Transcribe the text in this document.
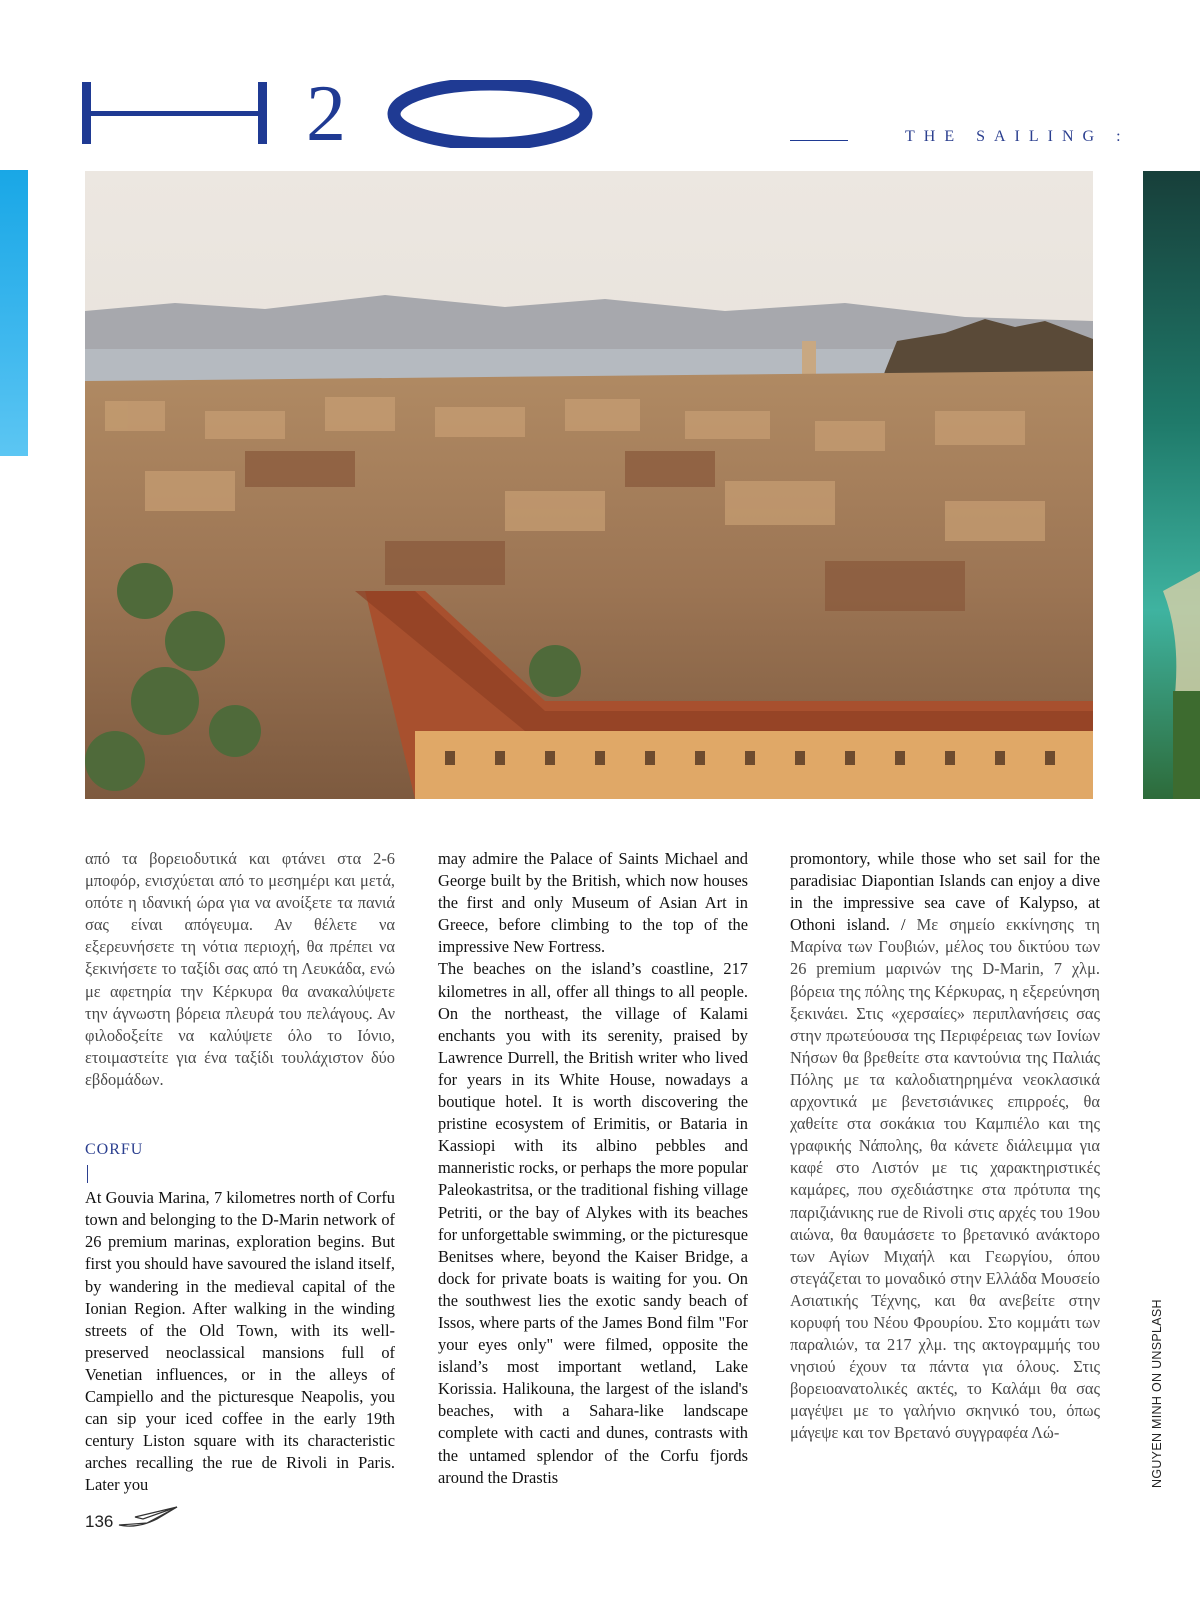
2	THE SAILING :

από τα βορειοδυτικά και φτάνει στα 2-6 μποφόρ, ενισχύεται από το μεσημέρι και μετά, οπότε η ιδανική ώρα για να ανοίξετε τα πανιά σας είναι απόγευμα. Αν θέλετε να εξερευνήσετε τη νότια περιοχή, θα πρέπει να ξεκινήσετε το ταξίδι σας από τη Λευκάδα, ενώ με αφετηρία την Κέρκυρα θα ανακαλύψετε την άγνωστη βόρεια πλευρά του πελάγους. Αν φιλοδοξείτε να καλύψετε όλο το Ιόνιο, ετοιμαστείτε για ένα ταξίδι τουλάχιστον δύο εβδομάδων.

CORFU

At Gouvia Marina, 7 kilometres north of Corfu town and belonging to the D-Marin network of 26 premium marinas, exploration begins. But first you should have savoured the island itself, by wandering in the medieval capital of the Ionian Region. After walking in the winding streets of the Old Town, with its well-preserved neoclassical mansions full of Venetian influences, or in the alleys of Campiello and the picturesque Neapolis, you can sip your iced coffee in the early 19th century Liston square with its characteristic arches recalling the rue de Rivoli in Paris. Later you

may admire the Palace of Saints Michael and George built by the British, which now houses the first and only Museum of Asian Art in Greece, before climbing to the top of the impressive New Fortress.

The beaches on the island’s coastline, 217 kilometres in all, offer all things to all people. On the northeast, the village of Kalami enchants you with its serenity, praised by Lawrence Durrell, the British writer who lived for years in its White House, nowadays a boutique hotel. It is worth discovering the pristine ecosystem of Erimitis, or Bataria in Kassiopi with its albino pebbles and manneristic rocks, or perhaps the more popular Paleokastritsa, or the traditional fishing village Petriti, or the bay of Alykes with its beaches for unforgettable swimming, or the picturesque Benitses where, beyond the Kaiser Bridge, a dock for private boats is waiting for you. On the southwest lies the exotic sandy beach of Issos, where parts of the James Bond film "For your eyes only" were filmed, opposite the island’s most important wetland, Lake Korissia. Halikouna, the largest of the island's beaches, with a Sahara-like landscape complete with cacti and dunes, contrasts with the untamed splendor of the Corfu fjords around the Drastis

promontory, while those who set sail for the paradisiac Diapontian Islands can enjoy a dive in the impressive sea cave of Kalypso, at Othoni island. / Με σημείο εκκίνησης τη Μαρίνα των Γουβιών, μέλος του δικτύου των 26 premium μαρινών της D-Marin, 7 χλμ. βόρεια της πόλης της Κέρκυρας, η εξερεύνηση ξεκινάει. Στις «χερσαίες» περιπλανήσεις σας στην πρωτεύουσα της Περιφέρειας των Ιονίων Νήσων θα βρεθείτε στα καντούνια της Παλιάς Πόλης με τα καλοδιατηρημένα νεοκλασικά αρχοντικά με βενετσιάνικες επιρροές, θα χαθείτε στα σοκάκια του Καμπιέλο και της γραφικής Νάπολης, θα κάνετε διάλειμμα για καφέ στο Λιστόν με τις χαρακτηριστικές καμάρες, που σχεδιάστηκε στα πρότυπα της παριζιάνικης rue de Rivoli στις αρχές του 19ου αιώνα, θα θαυμάσετε το βρετανικό ανάκτορο των Αγίων Μιχαήλ και Γεωργίου, όπου στεγάζεται το μοναδικό στην Ελλάδα Μουσείο Ασιατικής Τέχνης, και θα ανεβείτε στην κορυφή του Νέου Φρουρίου. Στο κομμάτι των παραλιών, τα 217 χλμ. της ακτογραμμής του νησιού έχουν τα πάντα για όλους. Στις βορειοανατολικές ακτές, το Καλάμι θα σας μαγέψει με το γαλήνιο σκηνικό του, όπως μάγεψε και τον Βρετανό συγγραφέα Λώ-	NGUYEN MINH ON UNSPLASH
136
